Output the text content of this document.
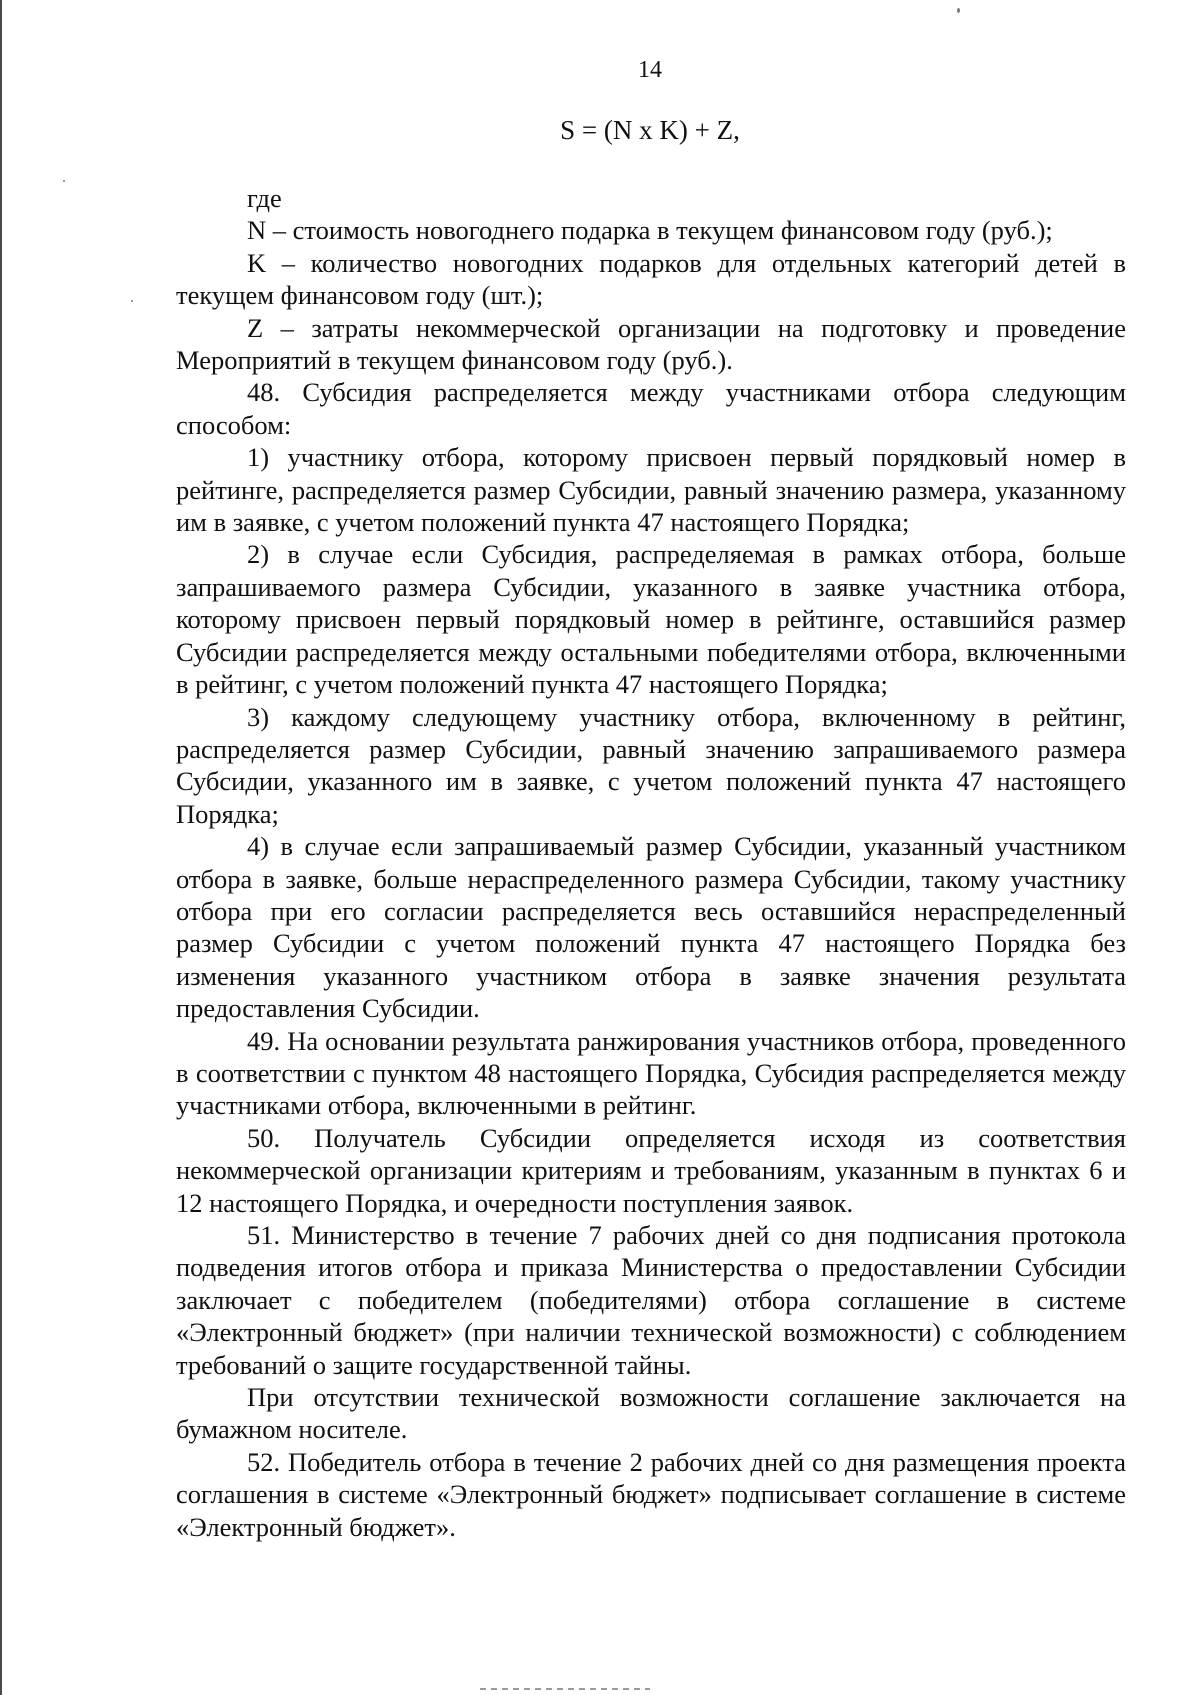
14
S = (N x K) + Z,

где

N – стоимость новогоднего подарка в текущем финансовом году (руб.);

K – количество новогодних подарков для отдельных категорий детей в текущем финансовом году (шт.);

Z – затраты некоммерческой организации на подготовку и проведение Мероприятий в текущем финансовом году (руб.).

48. Субсидия распределяется между участниками отбора следующим способом:

1) участнику отбора, которому присвоен первый порядковый номер в рейтинге, распределяется размер Субсидии, равный значению размера, указанному им в заявке, с учетом положений пункта 47 настоящего Порядка;

2) в случае если Субсидия, распределяемая в рамках отбора, больше запрашиваемого размера Субсидии, указанного в заявке участника отбора, которому присвоен первый порядковый номер в рейтинге, оставшийся размер Субсидии распределяется между остальными победителями отбора, включенными в рейтинг, с учетом положений пункта 47 настоящего Порядка;

3) каждому следующему участнику отбора, включенному в рейтинг, распределяется размер Субсидии, равный значению запрашиваемого размера Субсидии, указанного им в заявке, с учетом положений пункта 47 настоящего Порядка;

4) в случае если запрашиваемый размер Субсидии, указанный участником отбора в заявке, больше нераспределенного размера Субсидии, такому участнику отбора при его согласии распределяется весь оставшийся нераспределенный размер Субсидии с учетом положений пункта 47 настоящего Порядка без изменения указанного участником отбора в заявке значения результата предоставления Субсидии.

49. На основании результата ранжирования участников отбора, проведенного в соответствии с пунктом 48 настоящего Порядка, Субсидия распределяется между участниками отбора, включенными в рейтинг.

50. Получатель Субсидии определяется исходя из соответствия некоммерческой организации критериям и требованиям, указанным в пунктах 6 и 12 настоящего Порядка, и очередности поступления заявок.

51. Министерство в течение 7 рабочих дней со дня подписания протокола подведения итогов отбора и приказа Министерства о предоставлении Субсидии заключает с победителем (победителями) отбора соглашение в системе «Электронный бюджет» (при наличии технической возможности) с соблюдением требований о защите государственной тайны.

При отсутствии технической возможности соглашение заключается на бумажном носителе.

52. Победитель отбора в течение 2 рабочих дней со дня размещения проекта соглашения в системе «Электронный бюджет» подписывает соглашение в системе «Электронный бюджет».
